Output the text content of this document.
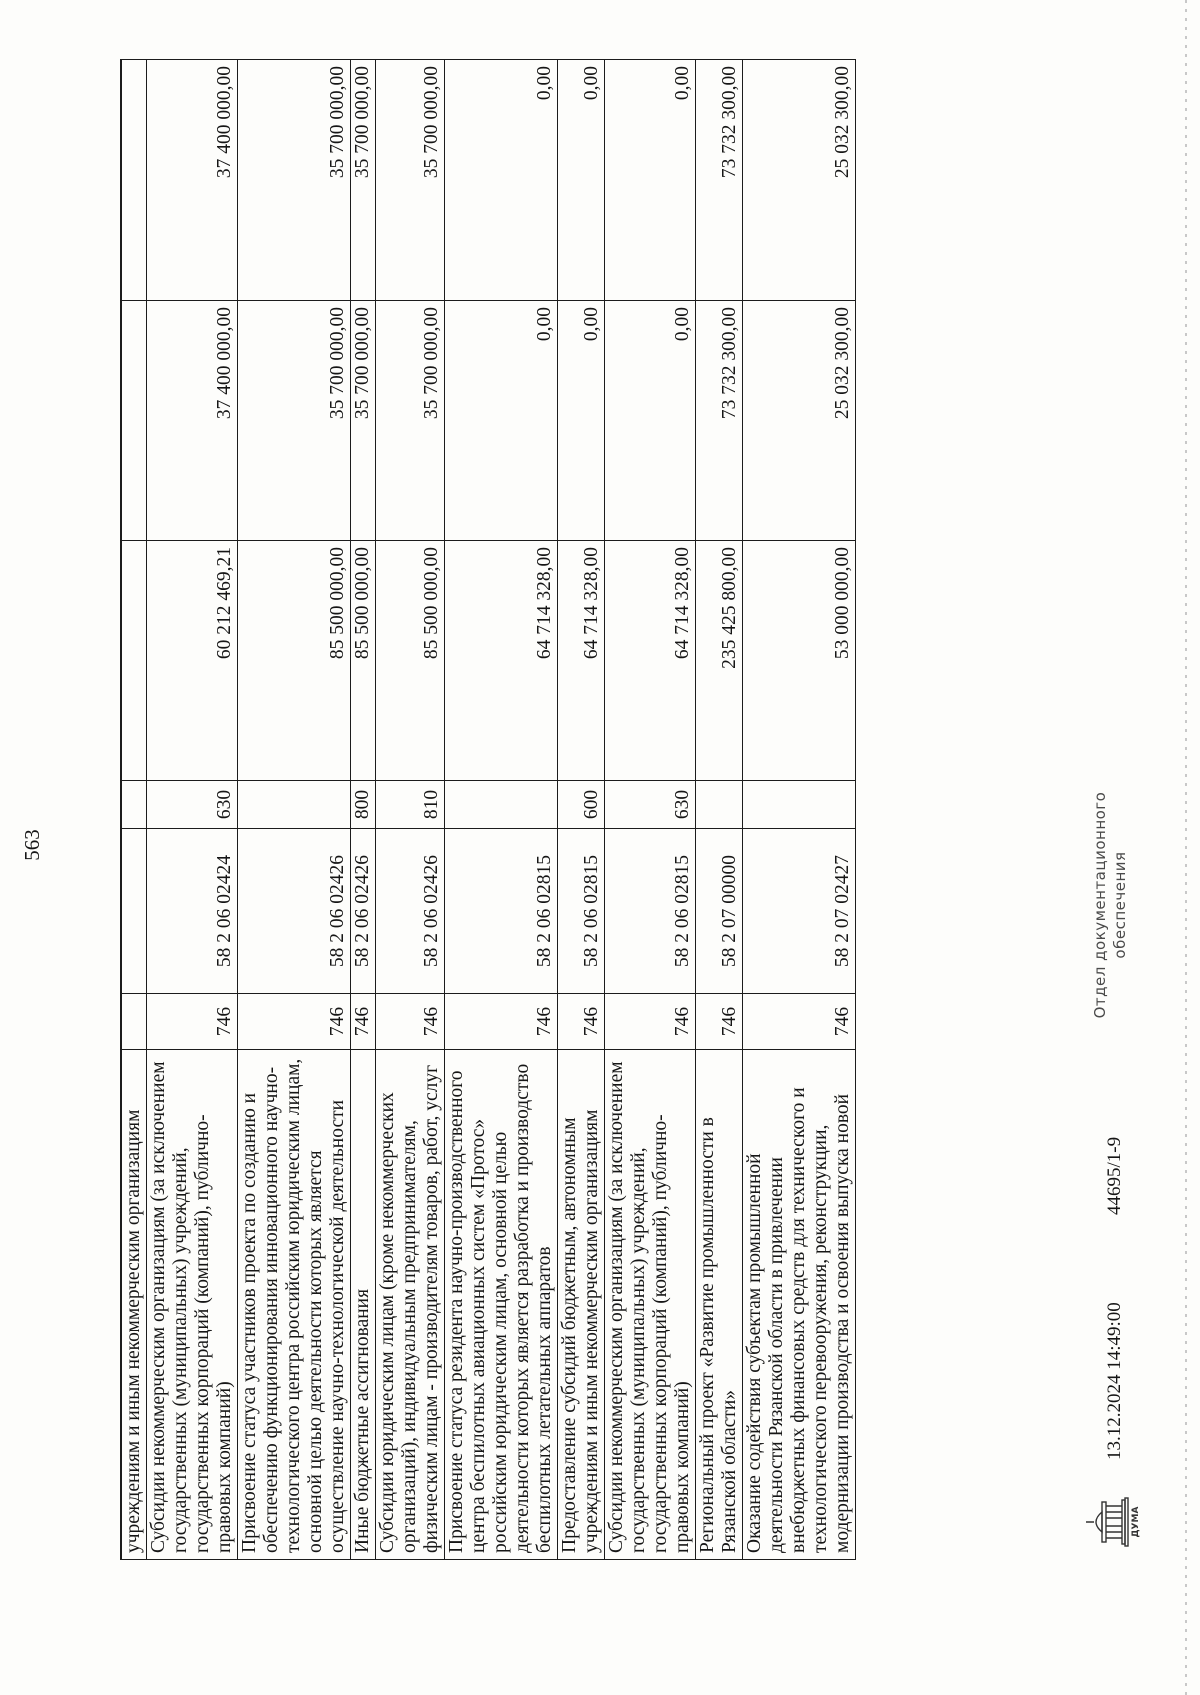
563
учреждениям и иным некоммерческим организациям						
Субсидии некоммерческим организациям (за исключением государственных (муниципальных) учреждений, государственных корпораций (компаний), публично-правовых компаний)	746	58 2 06 02424	630	60 212 469,21	37 400 000,00	37 400 000,00
Присвоение статуса участников проекта по созданию и обеспечению функционирования инновационного научно-технологического центра российским юридическим лицам, основной целью деятельности которых является осуществление научно-технологической деятельности	746	58 2 06 02426		85 500 000,00	35 700 000,00	35 700 000,00
Иные бюджетные ассигнования	746	58 2 06 02426	800	85 500 000,00	35 700 000,00	35 700 000,00
Субсидии юридическим лицам (кроме некоммерческих организаций), индивидуальным предпринимателям, физическим лицам - производителям товаров, работ, услуг	746	58 2 06 02426	810	85 500 000,00	35 700 000,00	35 700 000,00
Присвоение статуса резидента научно-производственного центра беспилотных авиационных систем «Протос» российским юридическим лицам, основной целью деятельности которых является разработка и производство беспилотных летательных аппаратов	746	58 2 06 02815		64 714 328,00	0,00	0,00
Предоставление субсидий бюджетным, автономным учреждениям и иным некоммерческим организациям	746	58 2 06 02815	600	64 714 328,00	0,00	0,00
Субсидии некоммерческим организациям (за исключением государственных (муниципальных) учреждений, государственных корпораций (компаний), публично-правовых компаний)	746	58 2 06 02815	630	64 714 328,00	0,00	0,00
Региональный проект «Развитие промышленности в Рязанской области»	746	58 2 07 00000		235 425 800,00	73 732 300,00	73 732 300,00
Оказание содействия субъектам промышленной деятельности Рязанской области в привлечении внебюджетных финансовых средств для технического и технологического перевооружения, реконструкции, модернизации производства и освоения выпуска новой	746	58 2 07 02427		53 000 000,00	25 032 300,00	25 032 300,00
ДУМА
13.12.2024 14:49:00
44695/1-9
Отдел документационного обеспечения
